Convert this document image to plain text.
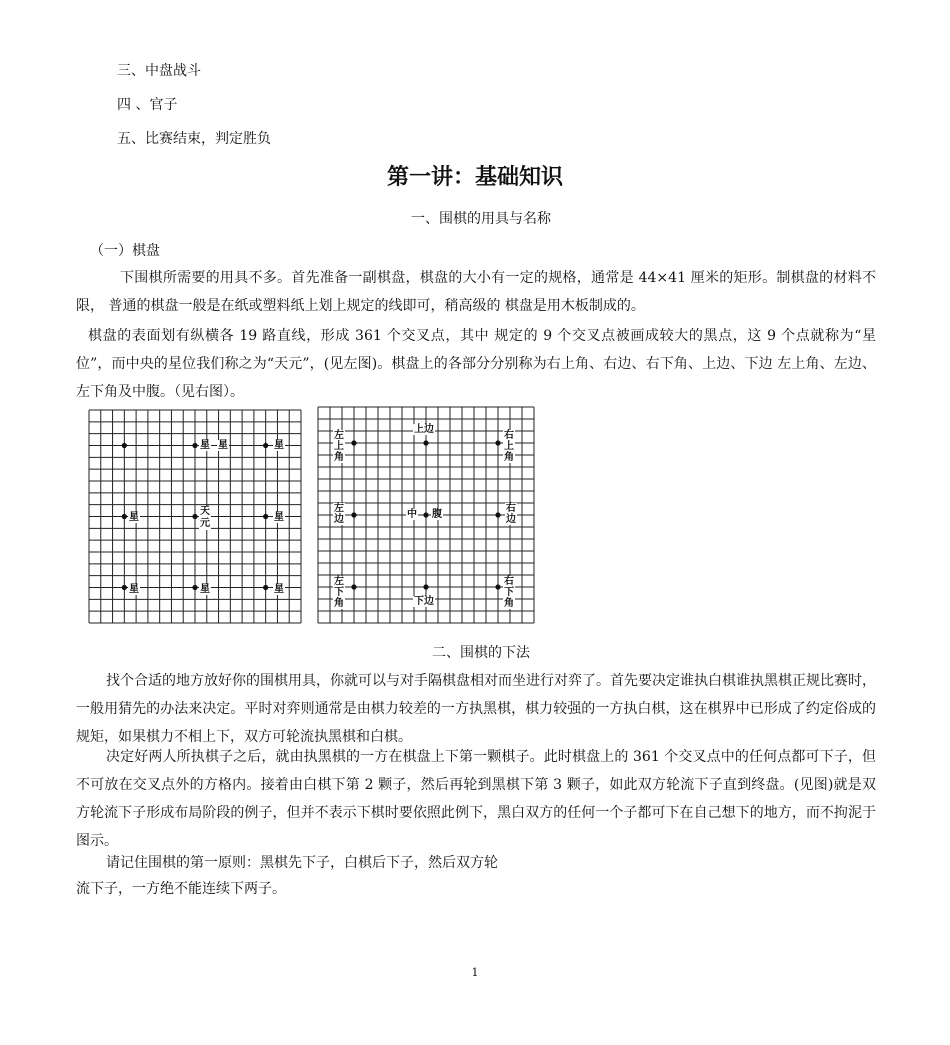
三、中盘战斗
四 、官子
五、比赛结束，判定胜负
第一讲：基础知识
一、围棋的用具与名称
（一）棋盘
下围棋所需要的用具不多。首先准备一副棋盘，棋盘的大小有一定的规格，通常是 44×41 厘米的矩形。制棋盘的材料不限， 普通的棋盘一般是在纸或塑料纸上划上规定的线即可，稍高级的 棋盘是用木板制成的。
棋盘的表面划有纵横各 19 路直线，形成 361 个交叉点，其中 规定的 9 个交叉点被画成较大的黑点，这 9 个点就称为“星位”，而中央的星位我们称之为“天元”，(见左图)。棋盘上的各部分分别称为右上角、右边、右下角、上边、下边 左上角、左边、左下角及中腹。（见右图）。
星
星	星
星
天
元
星
星	星	星
左
上
角
上边
右
上
角
左
边	中 腹
右
边
左
下
角	下边
右
下
角
二、围棋的下法
找个合适的地方放好你的围棋用具，你就可以与对手隔棋盘相对而坐进行对弈了。首先要决定谁执白棋谁执黑棋正规比赛时，一般用猜先的办法来决定。平时对弈则通常是由棋力较差的一方执黑棋，棋力较强的一方执白棋，这在棋界中已形成了约定俗成的规矩，如果棋力不相上下，双方可轮流执黑棋和白棋。
决定好两人所执棋子之后，就由执黑棋的一方在棋盘上下第一颗棋子。此时棋盘上的 361 个交叉点中的任何点都可下子，但不可放在交叉点外的方格内。接着由白棋下第 2 颗子，然后再轮到黑棋下第 3 颗子，如此双方轮流下子直到终盘。(见图)就是双方轮流下子形成布局阶段的例子，但并不表示下棋时要依照此例下，黑白双方的任何一个子都可下在自己想下的地方，而不拘泥于图示。
请记住围棋的第一原则：黑棋先下子，白棋后下子，然后双方轮
流下子，一方绝不能连续下两子。
1
